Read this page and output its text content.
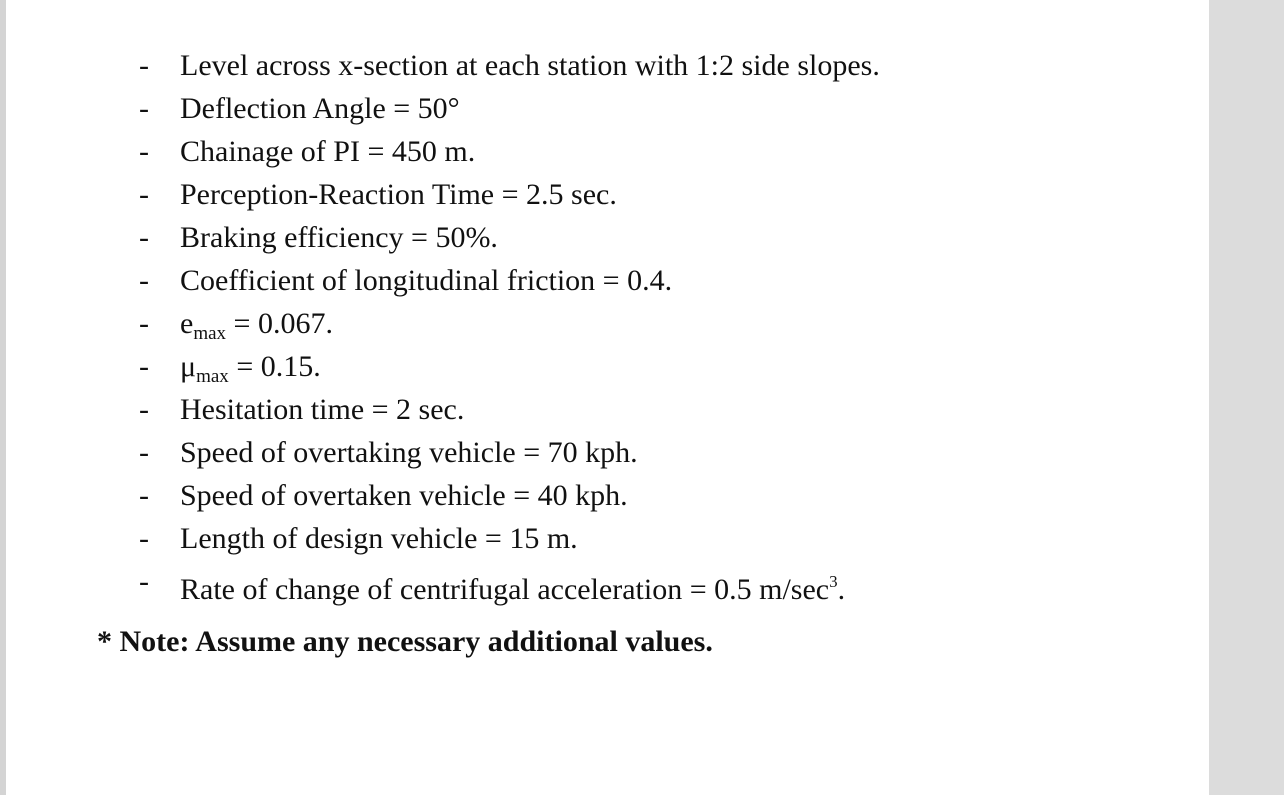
- Level across x-section at each station with 1:2 side slopes.
- Deflection Angle = 50°
- Chainage of PI = 450 m.
- Perception-Reaction Time = 2.5 sec.
- Braking efficiency = 50%.
- Coefficient of longitudinal friction = 0.4.
- $e_{max} = 0.067$.
- $\mu_{max} = 0.15$.
- Hesitation time = 2 sec.
- Speed of overtaking vehicle = 70 kph.
- Speed of overtaken vehicle = 40 kph.
- Length of design vehicle = 15 m.
- Rate of change of centrifugal acceleration = 0.5 $m/\sec^3$.
* Note: Assume any necessary additional values.
